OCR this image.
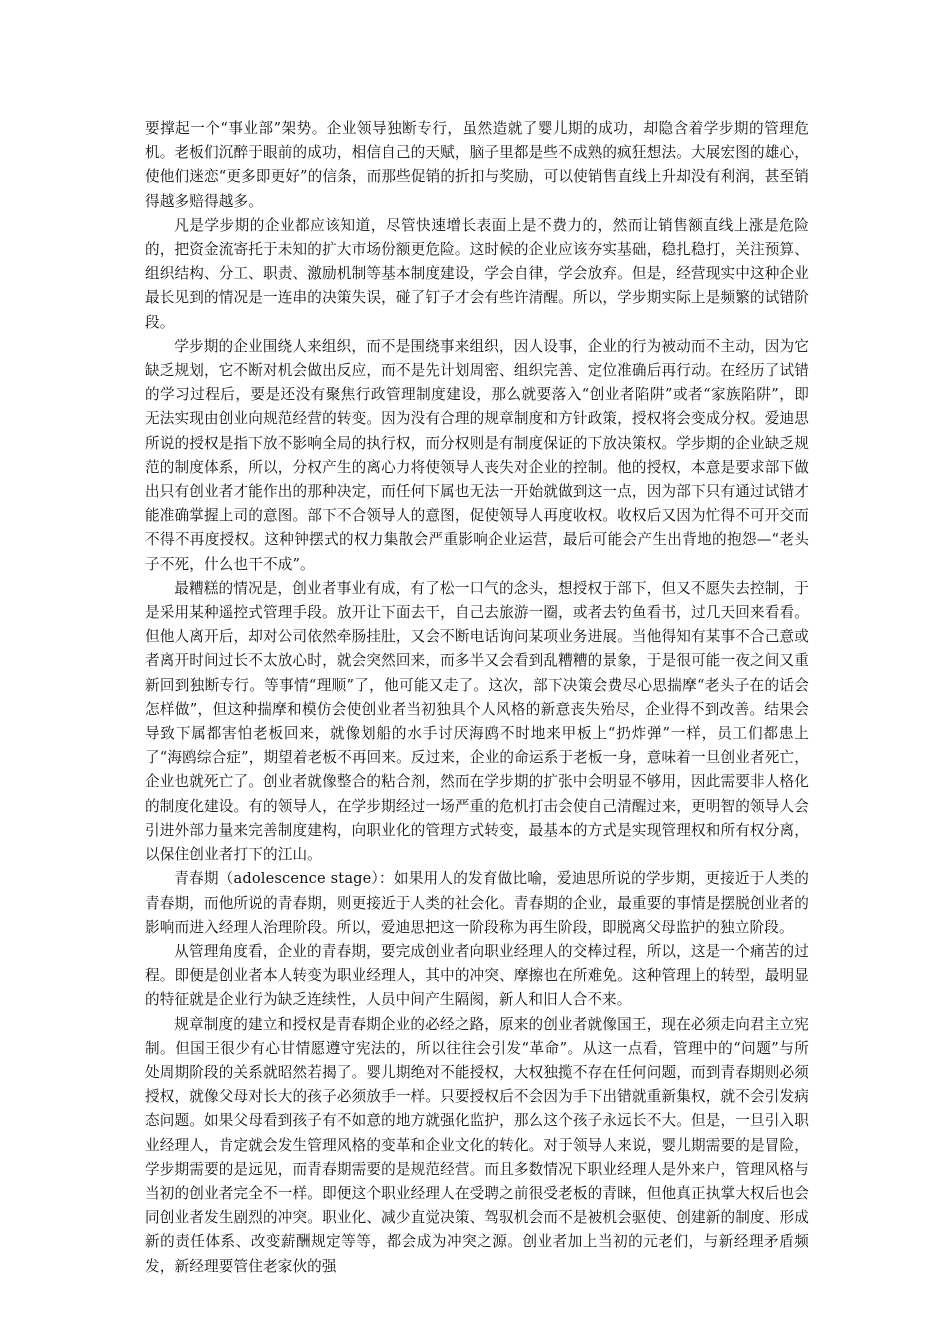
要撑起一个“事业部”架势。企业领导独断专行，虽然造就了婴儿期的成功，却隐含着学步期的管理危机。老板们沉醉于眼前的成功，相信自己的天赋，脑子里都是些不成熟的疯狂想法。大展宏图的雄心，使他们迷恋“更多即更好”的信条，而那些促销的折扣与奖励，可以使销售直线上升却没有利润，甚至销得越多赔得越多。

凡是学步期的企业都应该知道，尽管快速增长表面上是不费力的，然而让销售额直线上涨是危险的，把资金流寄托于未知的扩大市场份额更危险。这时候的企业应该夯实基础，稳扎稳打，关注预算、组织结构、分工、职责、激励机制等基本制度建设，学会自律，学会放弃。但是，经营现实中这种企业最长见到的情况是一连串的决策失误，碰了钉子才会有些许清醒。所以，学步期实际上是频繁的试错阶段。

学步期的企业围绕人来组织，而不是围绕事来组织，因人设事，企业的行为被动而不主动，因为它缺乏规划，它不断对机会做出反应，而不是先计划周密、组织完善、定位准确后再行动。在经历了试错的学习过程后，要是还没有聚焦行政管理制度建设，那么就要落入“创业者陷阱”或者“家族陷阱”，即无法实现由创业向规范经营的转变。因为没有合理的规章制度和方针政策，授权将会变成分权。爱迪思所说的授权是指下放不影响全局的执行权，而分权则是有制度保证的下放决策权。学步期的企业缺乏规范的制度体系，所以，分权产生的离心力将使领导人丧失对企业的控制。他的授权，本意是要求部下做出只有创业者才能作出的那种决定，而任何下属也无法一开始就做到这一点，因为部下只有通过试错才能准确掌握上司的意图。部下不合领导人的意图，促使领导人再度收权。收权后又因为忙得不可开交而不得不再度授权。这种钟摆式的权力集散会严重影响企业运营，最后可能会产生出背地的抱怨—“老头子不死，什么也干不成”。

最糟糕的情况是，创业者事业有成，有了松一口气的念头，想授权于部下，但又不愿失去控制，于是采用某种遥控式管理手段。放开让下面去干，自己去旅游一圈，或者去钓鱼看书，过几天回来看看。但他人离开后，却对公司依然牵肠挂肚，又会不断电话询问某项业务进展。当他得知有某事不合己意或者离开时间过长不太放心时，就会突然回来，而多半又会看到乱糟糟的景象，于是很可能一夜之间又重新回到独断专行。等事情“理顺”了，他可能又走了。这次，部下决策会费尽心思揣摩“老头子在的话会怎样做”，但这种揣摩和模仿会使创业者当初独具个人风格的新意丧失殆尽，企业得不到改善。结果会导致下属都害怕老板回来，就像划船的水手讨厌海鸥不时地来甲板上“扔炸弹”一样，员工们都患上了“海鸥综合症”，期望着老板不再回来。反过来，企业的命运系于老板一身，意味着一旦创业者死亡，企业也就死亡了。创业者就像整合的粘合剂，然而在学步期的扩张中会明显不够用，因此需要非人格化的制度化建设。有的领导人，在学步期经过一场严重的危机打击会使自己清醒过来，更明智的领导人会引进外部力量来完善制度建构，向职业化的管理方式转变，最基本的方式是实现管理权和所有权分离，以保住创业者打下的江山。

青春期（adolescence stage）：如果用人的发育做比喻，爱迪思所说的学步期，更接近于人类的青春期，而他所说的青春期，则更接近于人类的社会化。青春期的企业，最重要的事情是摆脱创业者的影响而进入经理人治理阶段。所以，爱迪思把这一阶段称为再生阶段，即脱离父母监护的独立阶段。

从管理角度看，企业的青春期，要完成创业者向职业经理人的交棒过程，所以，这是一个痛苦的过程。即便是创业者本人转变为职业经理人，其中的冲突、摩擦也在所难免。这种管理上的转型，最明显的特征就是企业行为缺乏连续性，人员中间产生隔阂，新人和旧人合不来。

规章制度的建立和授权是青春期企业的必经之路，原来的创业者就像国王，现在必须走向君主立宪制。但国王很少有心甘情愿遵守宪法的，所以往往会引发“革命”。从这一点看，管理中的“问题”与所处周期阶段的关系就昭然若揭了。婴儿期绝对不能授权，大权独揽不存在任何问题，而到青春期则必须授权，就像父母对长大的孩子必须放手一样。只要授权后不会因为手下出错就重新集权，就不会引发病态问题。如果父母看到孩子有不如意的地方就强化监护，那么这个孩子永远长不大。但是，一旦引入职业经理人，肯定就会发生管理风格的变革和企业文化的转化。对于领导人来说，婴儿期需要的是冒险，学步期需要的是远见，而青春期需要的是规范经营。而且多数情况下职业经理人是外来户，管理风格与当初的创业者完全不一样。即便这个职业经理人在受聘之前很受老板的青睐，但他真正执掌大权后也会同创业者发生剧烈的冲突。职业化、减少直觉决策、驾驭机会而不是被机会驱使、创建新的制度、形成新的责任体系、改变薪酬规定等等，都会成为冲突之源。创业者加上当初的元老们，与新经理矛盾频发，新经理要管住老家伙的强
